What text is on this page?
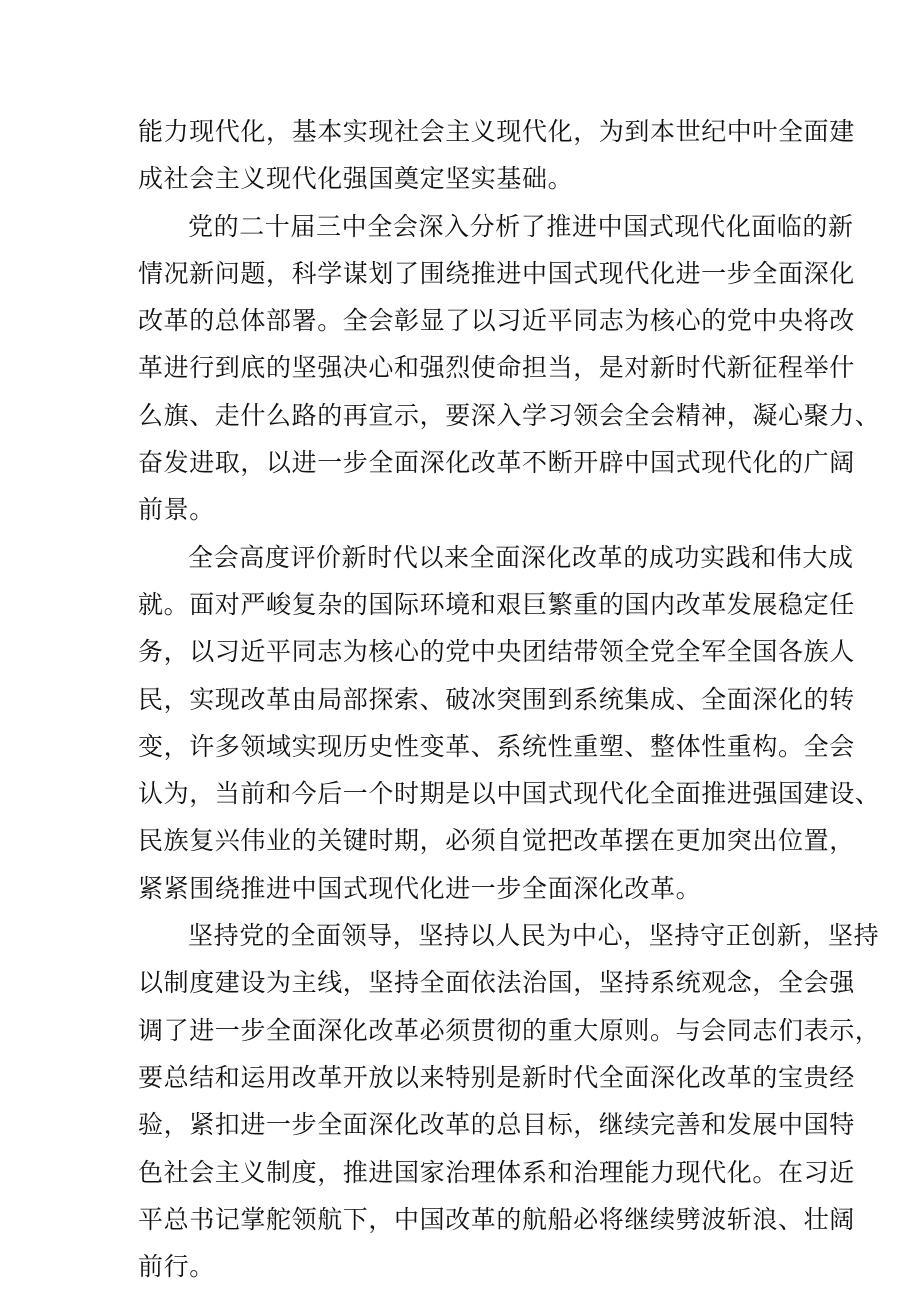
能力现代化，基本实现社会主义现代化，为到本世纪中叶全面建
成社会主义现代化强国奠定坚实基础。
党的二十届三中全会深入分析了推进中国式现代化面临的新
情况新问题，科学谋划了围绕推进中国式现代化进一步全面深化
改革的总体部署。全会彰显了以习近平同志为核心的党中央将改
革进行到底的坚强决心和强烈使命担当，是对新时代新征程举什
么旗、走什么路的再宣示，要深入学习领会全会精神，凝心聚力、
奋发进取，以进一步全面深化改革不断开辟中国式现代化的广阔
前景。
全会高度评价新时代以来全面深化改革的成功实践和伟大成
就。面对严峻复杂的国际环境和艰巨繁重的国内改革发展稳定任
务，以习近平同志为核心的党中央团结带领全党全军全国各族人
民，实现改革由局部探索、破冰突围到系统集成、全面深化的转
变，许多领域实现历史性变革、系统性重塑、整体性重构。全会
认为，当前和今后一个时期是以中国式现代化全面推进强国建设、
民族复兴伟业的关键时期，必须自觉把改革摆在更加突出位置，
紧紧围绕推进中国式现代化进一步全面深化改革。
坚持党的全面领导，坚持以人民为中心，坚持守正创新，坚持
以制度建设为主线，坚持全面依法治国，坚持系统观念，全会强
调了进一步全面深化改革必须贯彻的重大原则。与会同志们表示，
要总结和运用改革开放以来特别是新时代全面深化改革的宝贵经
验，紧扣进一步全面深化改革的总目标，继续完善和发展中国特
色社会主义制度，推进国家治理体系和治理能力现代化。在习近
平总书记掌舵领航下，中国改革的航船必将继续劈波斩浪、壮阔
前行。
